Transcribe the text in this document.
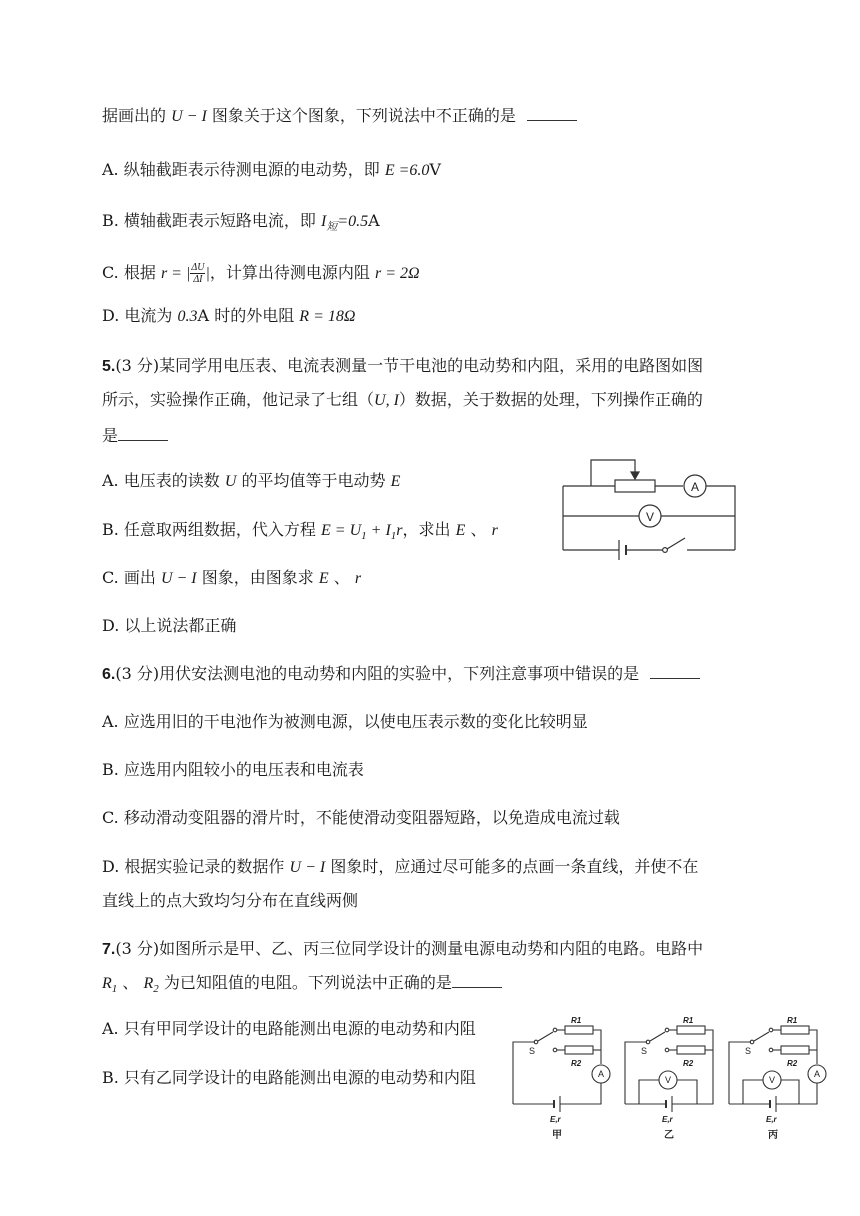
据画出的 U − I 图象关于这个图象，下列说法中不正确的是
A. 纵轴截距表示待测电源的电动势，即 E =6.0V
B. 横轴截距表示短路电流，即 $I_短=0.5A$
C. 根据 r = | $\frac{\Delta U}{\Delta I}$ |，计算出待测电源内阻 r = 2Ω
D. 电流为 0.3A 时的外电阻 R = 18Ω
5.(3 分)某同学用电压表、电流表测量一节干电池的电动势和内阻，采用的电路图如图
所示，实验操作正确，他记录了七组（U, I）数据，关于数据的处理，下列操作正确的
是
A. 电压表的读数 U 的平均值等于电动势 E
B. 任意取两组数据，代入方程 $E = U_1 + I_1r$，求出 E 、 r
C. 画出 U − I 图象，由图象求 E 、 r
D. 以上说法都正确
A
V
6.(3 分)用伏安法测电池的电动势和内阻的实验中，下列注意事项中错误的是
A. 应选用旧的干电池作为被测电源，以使电压表示数的变化比较明显
B. 应选用内阻较小的电压表和电流表
C. 移动滑动变阻器的滑片时，不能使滑动变阻器短路，以免造成电流过载
D. 根据实验记录的数据作 U − I 图象时，应通过尽可能多的点画一条直线，并使不在
直线上的点大致均匀分布在直线两侧
7.(3 分)如图所示是甲、乙、丙三位同学设计的测量电源电动势和内阻的电路。电路中
$R_1$ 、 $R_2$ 为已知阻值的电阻。下列说法中正确的是
A. 只有甲同学设计的电路能测出电源的电动势和内阻
B. 只有乙同学设计的电路能测出电源的电动势和内阻
S
R1
R2
A
E,r
甲
S
R1
R2
V
E,r
乙
S
R1
R2
A
V
E,r
丙
